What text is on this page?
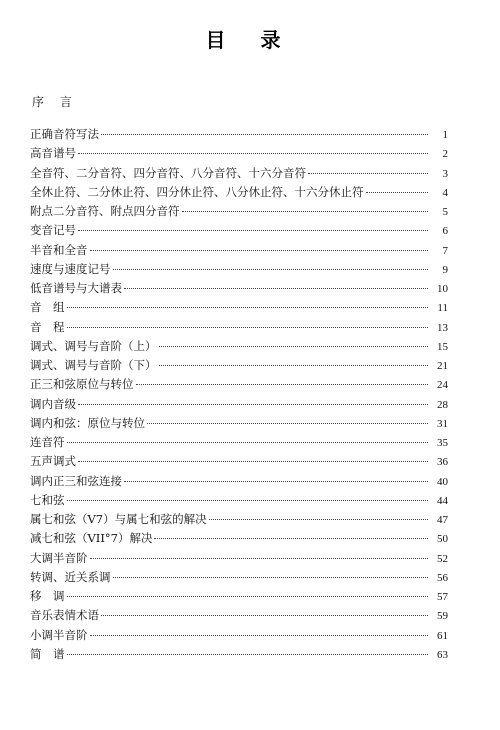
目 录
序 言
正确音符写法	1
高音谱号	2
全音符、二分音符、四分音符、八分音符、十六分音符	3
全休止符、二分休止符、四分休止符、八分休止符、十六分休止符	4
附点二分音符、附点四分音符	5
变音记号	6
半音和全音	7
速度与速度记号	9
低音谱号与大谱表	10
音　组	11
音　程	13
调式、调号与音阶（上）	15
调式、调号与音阶（下）	21
正三和弦原位与转位	24
调内音级	28
调内和弦：原位与转位	31
连音符	35
五声调式	36
调内正三和弦连接	40
七和弦	44
属七和弦（V7）与属七和弦的解决	47
减七和弦（VII°7）解决	50
大调半音阶	52
转调、近关系调	56
移　调	57
音乐表情术语	59
小调半音阶	61
简　谱	63
